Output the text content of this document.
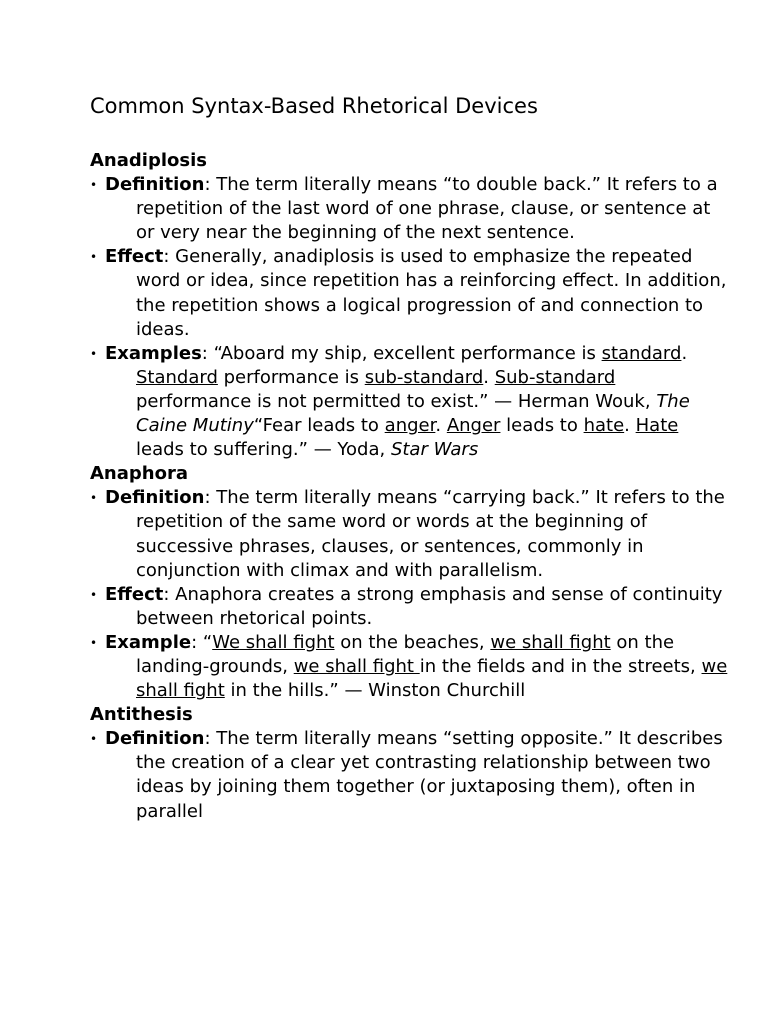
Common Syntax-Based Rhetorical Devices
Anadiplosis
• Definition: The term literally means “to double back.” It refers to a repetition of the last word of one phrase, clause, or sentence at or very near the beginning of the next sentence.
• Effect: Generally, anadiplosis is used to emphasize the repeated word or idea, since repetition has a reinforcing effect. In addition, the repetition shows a logical progression of and connection to ideas.
• Examples: “Aboard my ship, excellent performance is standard. Standard performance is sub-standard. Sub-standard performance is not permitted to exist.” — Herman Wouk, The Caine Mutiny“Fear leads to anger. Anger leads to hate. Hate leads to suffering.” — Yoda, Star Wars
Anaphora
• Definition: The term literally means “carrying back.” It refers to the repetition of the same word or words at the beginning of successive phrases, clauses, or sentences, commonly in conjunction with climax and with parallelism.
• Effect: Anaphora creates a strong emphasis and sense of continuity between rhetorical points.
• Example: “We shall fight on the beaches, we shall fight on the landing-grounds, we shall fight in the fields and in the streets, we shall fight in the hills.” — Winston Churchill
Antithesis
• Definition: The term literally means “setting opposite.” It describes the creation of a clear yet contrasting relationship between two ideas by joining them together (or juxtaposing them), often in parallel
